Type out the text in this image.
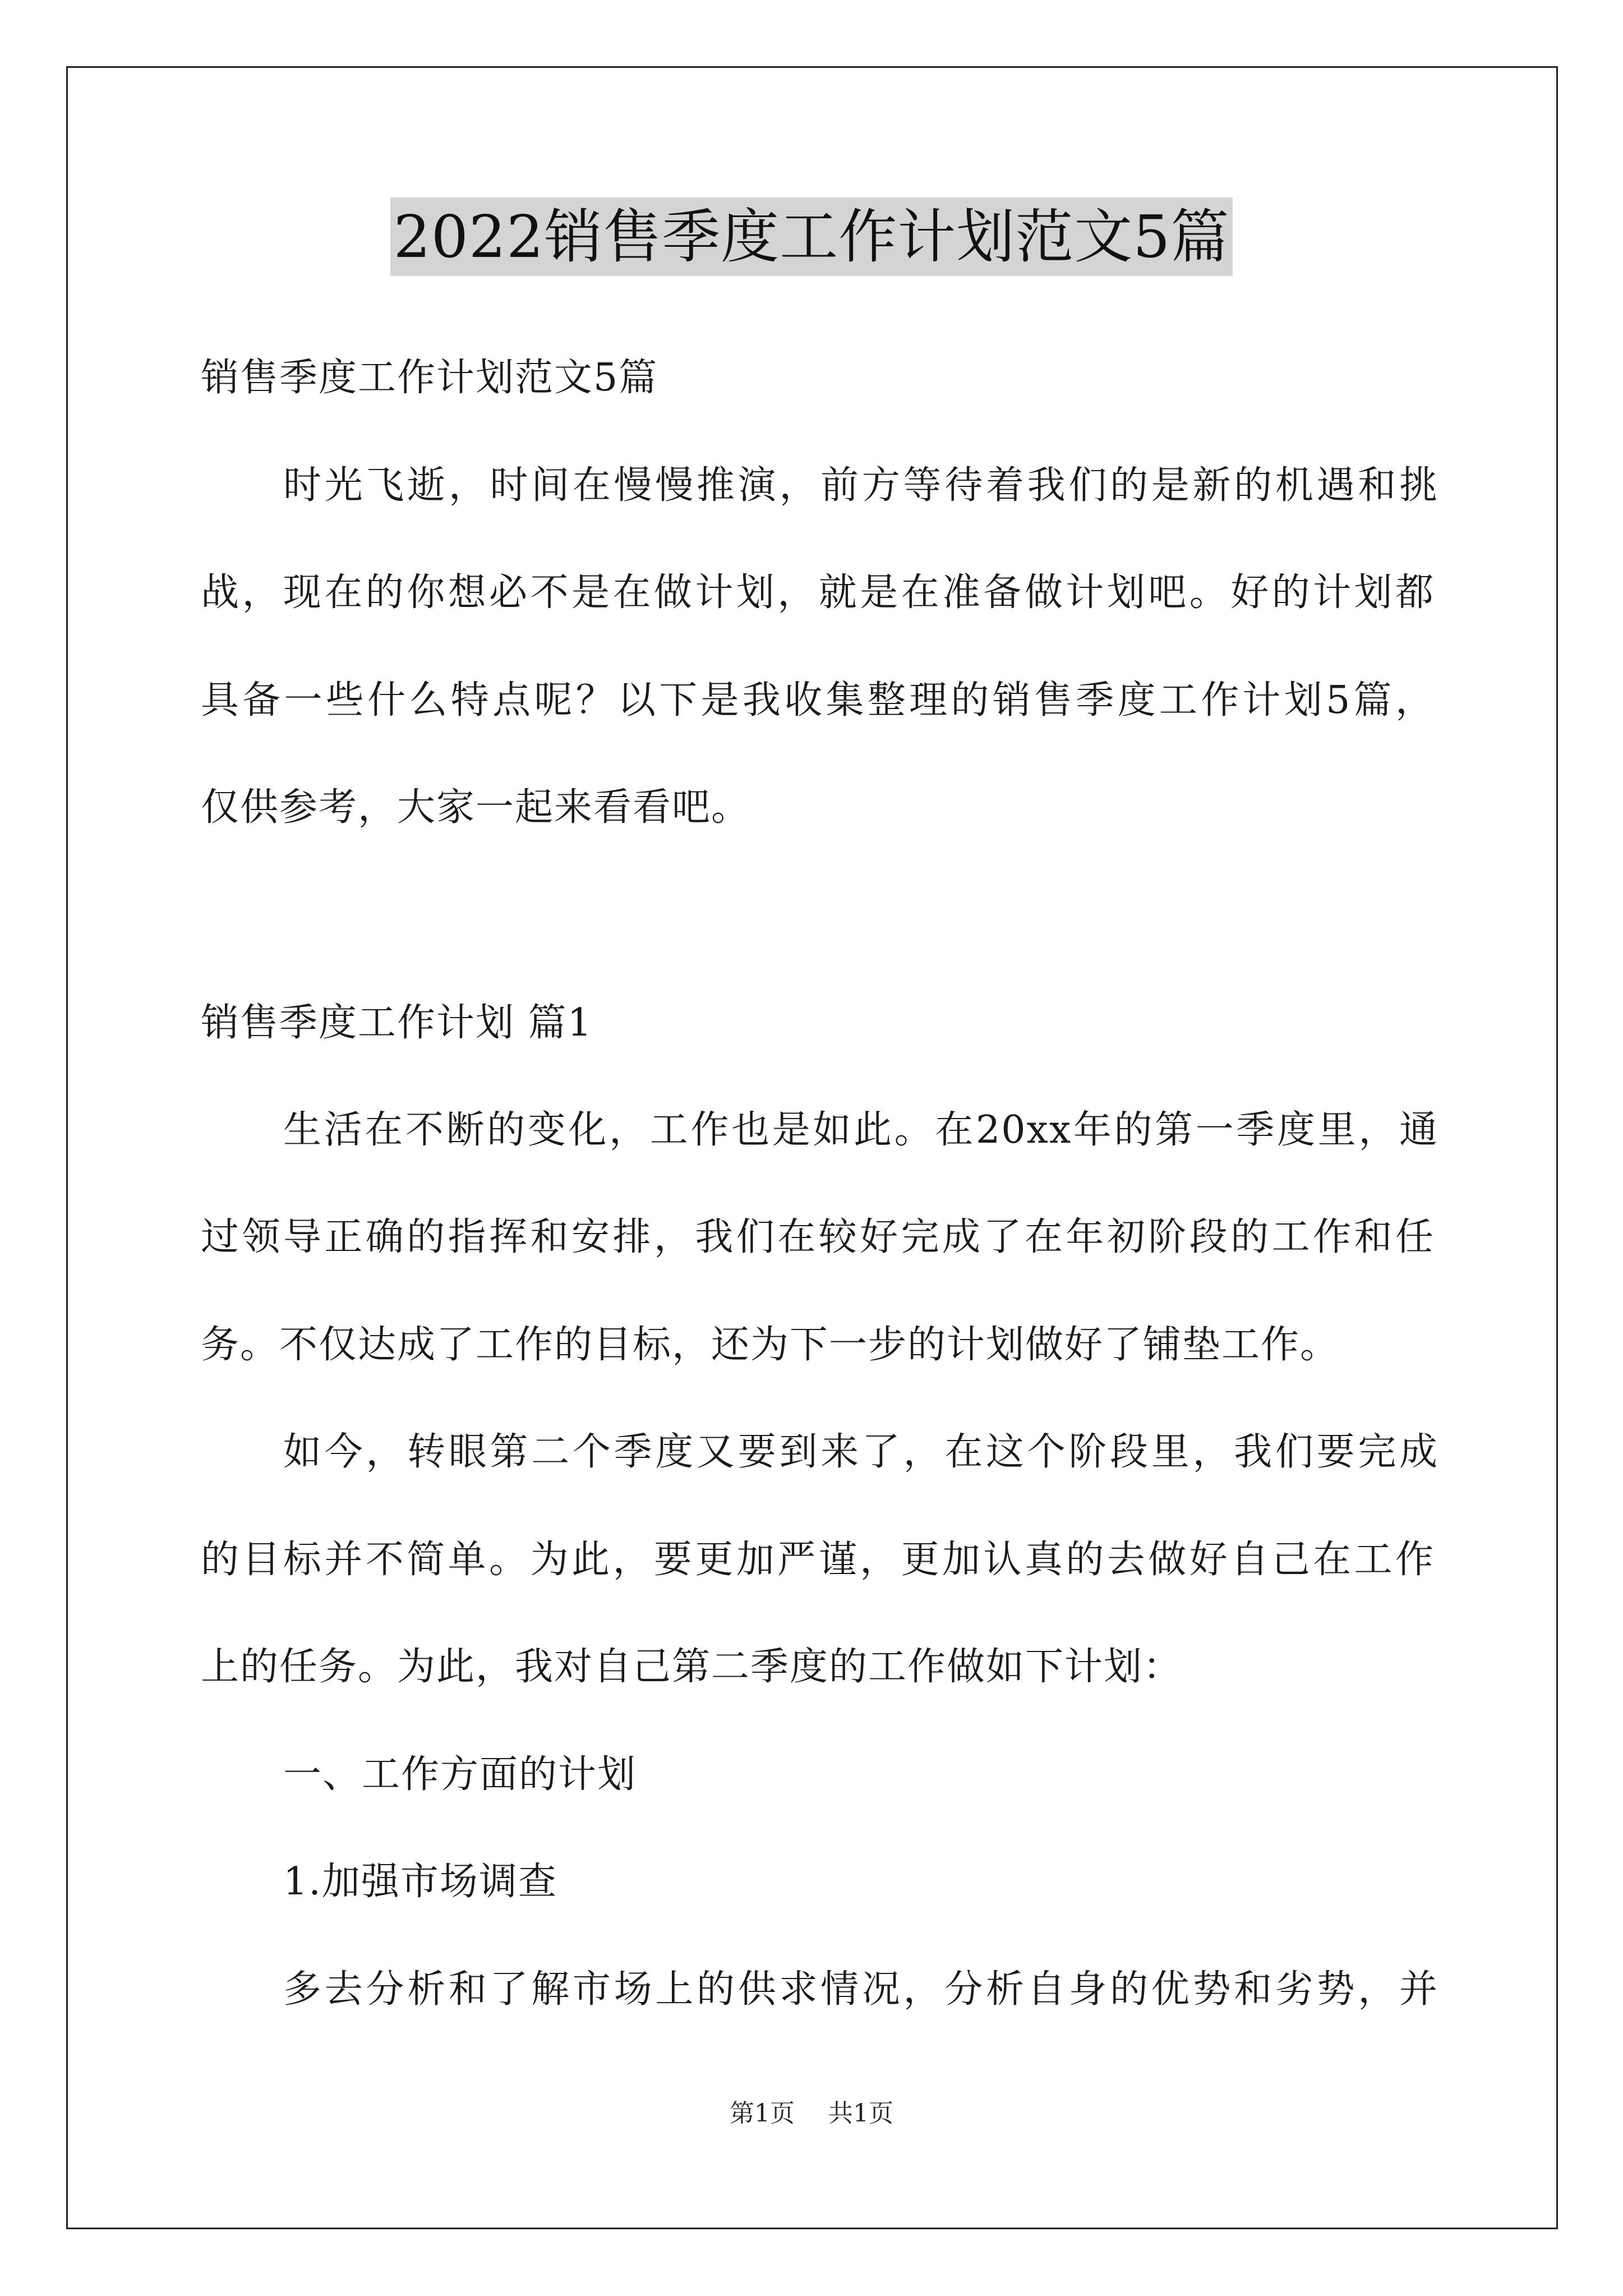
2022销售季度工作计划范文5篇
销售季度工作计划范文5篇
时光飞逝，时间在慢慢推演，前方等待着我们的是新的机遇和挑
战，现在的你想必不是在做计划，就是在准备做计划吧。好的计划都
具备一些什么特点呢？以下是我收集整理的销售季度工作计划5篇，
仅供参考，大家一起来看看吧。
销售季度工作计划 篇1
生活在不断的变化，工作也是如此。在20xx年的第一季度里，通
过领导正确的指挥和安排，我们在较好完成了在年初阶段的工作和任
务。不仅达成了工作的目标，还为下一步的计划做好了铺垫工作。
如今，转眼第二个季度又要到来了，在这个阶段里，我们要完成
的目标并不简单。为此，要更加严谨，更加认真的去做好自己在工作
上的任务。为此，我对自己第二季度的工作做如下计划：
一、工作方面的计划
1.加强市场调查
多去分析和了解市场上的供求情况，分析自身的优势和劣势，并
第1页 共1页
